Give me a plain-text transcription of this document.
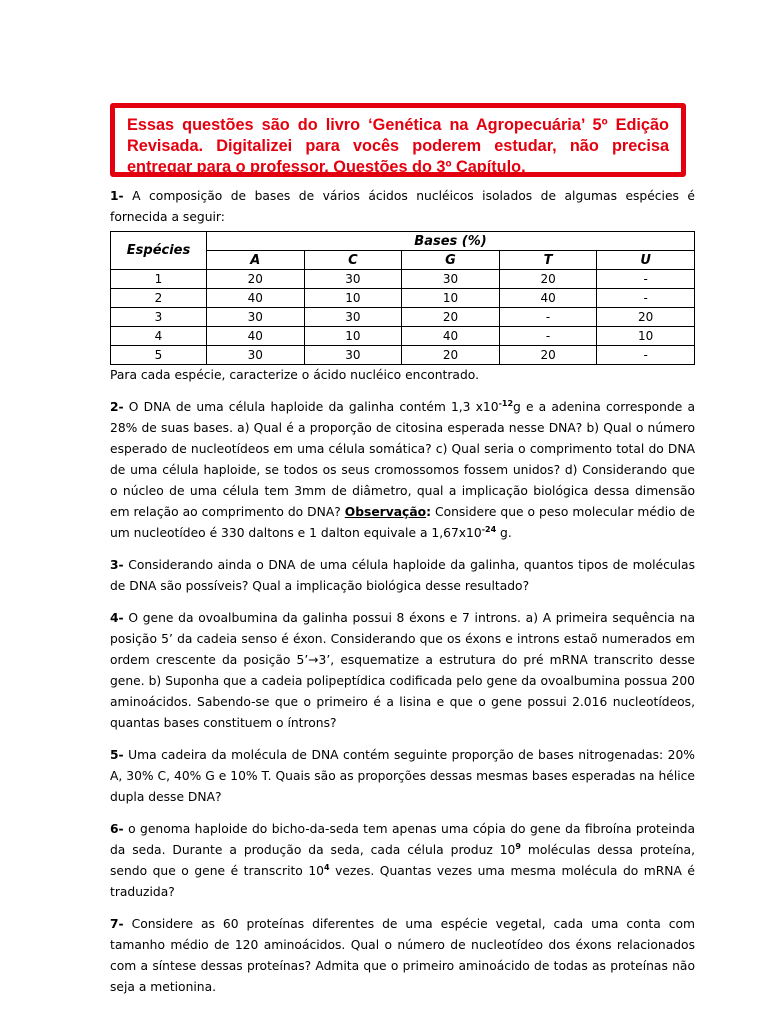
Essas questões são do livro ‘Genética na Agropecuária’ 5º Edição Revisada. Digitalizei para vocês poderem estudar, não precisa entregar para o professor. Questões do 3º Capítulo.

1- A composição de bases de vários ácidos nucléicos isolados de algumas espécies é fornecida a seguir:

Espécies	Bases (%)				
	A	C	G	T	U
1	20	30	30	20	-
2	40	10	10	40	-
3	30	30	20	-	20
4	40	10	40	-	10
5	30	30	20	20	-

Para cada espécie, caracterize o ácido nucléico encontrado.

2- O DNA de uma célula haploide da galinha contém 1,3 $x10^{-12}g$ e a adenina corresponde a 28% de suas bases. a) Qual é a proporção de citosina esperada nesse DNA? b) Qual o número esperado de nucleotídeos em uma célula somática? c) Qual seria o comprimento total do DNA de uma célula haploide, se todos os seus cromossomos fossem unidos? d) Considerando que o núcleo de uma célula tem 3mm de diâmetro, qual a implicação biológica dessa dimensão em relação ao comprimento do DNA? Observação: Considere que o peso molecular médio de um nucleotídeo é 330 daltons e 1 dalton equivale a $1,67x10^{-24}$ g.

3- Considerando ainda o DNA de uma célula haploide da galinha, quantos tipos de moléculas de DNA são possíveis? Qual a implicação biológica desse resultado?

4- O gene da ovoalbumina da galinha possui 8 éxons e 7 introns. a) A primeira sequência na posição 5’ da cadeia senso é éxon. Considerando que os éxons e introns estaõ numerados em ordem crescente da posição 5’→3’, esquematize a estrutura do pré mRNA transcrito desse gene. b) Suponha que a cadeia polipeptídica codificada pelo gene da ovoalbumina possua 200 aminoácidos. Sabendo-se que o primeiro é a lisina e que o gene possui 2.016 nucleotídeos, quantas bases constituem o íntrons?

5- Uma cadeira da molécula de DNA contém seguinte proporção de bases nitrogenadas: 20% A, 30% C, 40% G e 10% T. Quais são as proporções dessas mesmas bases esperadas na hélice dupla desse DNA?

6- o genoma haploide do bicho-da-seda tem apenas uma cópia do gene da fibroína proteinda da seda. Durante a produção da seda, cada célula produz $10^9$ moléculas dessa proteína, sendo que o gene é transcrito $10^4$ vezes. Quantas vezes uma mesma molécula do mRNA é traduzida?

7- Considere as 60 proteínas diferentes de uma espécie vegetal, cada uma conta com tamanho médio de 120 aminoácidos. Qual o número de nucleotídeo dos éxons relacionados com a síntese dessas proteínas? Admita que o primeiro aminoácido de todas as proteínas não seja a metionina.
